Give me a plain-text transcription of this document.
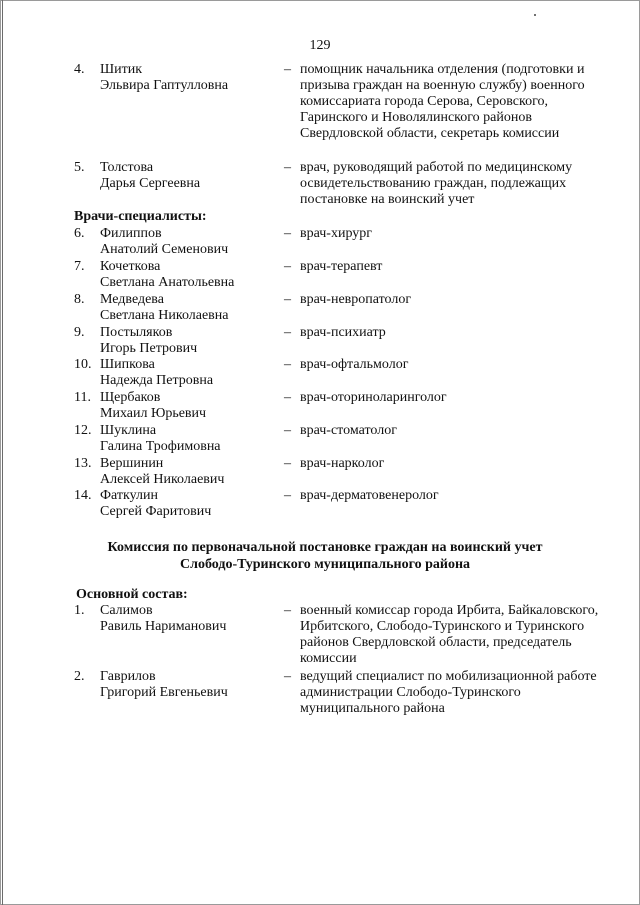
129
4. Шитик
Эльвира Гаптулловна
– помощник начальника отделения (подготовки и призыва граждан на военную службу) военного комиссариата города Серова, Серовского, Гаринского и Новолялинского районов Свердловской области, секретарь комиссии
5. Толстова
Дарья Сергеевна
– врач, руководящий работой по медицинскому освидетельствованию граждан, подлежащих постановке на воинский учет
Врачи-специалисты:
6. Филиппов
Анатолий Семенович
– врач-хирург
7. Кочеткова
Светлана Анатольевна
– врач-терапевт
8. Медведева
Светлана Николаевна
– врач-невропатолог
9. Постыляков
Игорь Петрович
– врач-психиатр
10. Шипкова
Надежда Петровна
– врач-офтальмолог
11. Щербаков
Михаил Юрьевич
– врач-оториноларинголог
12. Шуклина
Галина Трофимовна
– врач-стоматолог
13. Вершинин
Алексей Николаевич
– врач-нарколог
14. Фаткулин
Сергей Фаритович
– врач-дерматовенеролог
Комиссия по первоначальной постановке граждан на воинский учет
Слободо-Туринского муниципального района
Основной состав:
1. Салимов
Равиль Нариманович
– военный комиссар города Ирбита, Байкаловского, Ирбитского, Слободо-Туринского и Туринского районов Свердловской области, председатель комиссии
2. Гаврилов
Григорий Евгеньевич
– ведущий специалист по мобилизационной работе администрации Слободо-Туринского муниципального района
